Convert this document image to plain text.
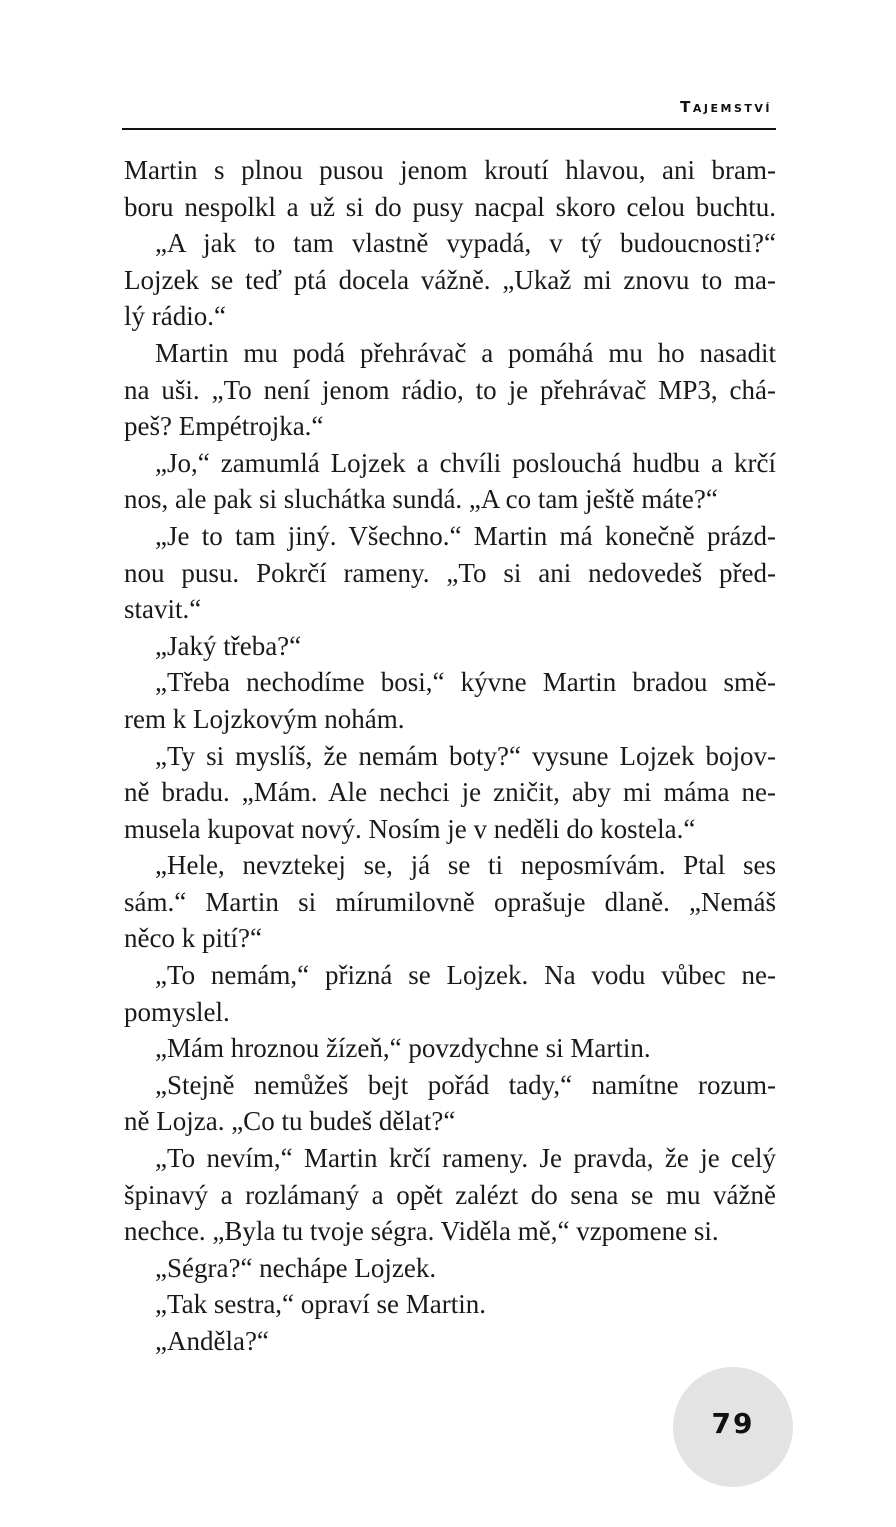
Tajemství
Martin s plnou pusou jenom kroutí hlavou, ani bram-
boru nespolkl a už si do pusy nacpal skoro celou buchtu.
„A jak to tam vlastně vypadá, v tý budoucnosti?“
Lojzek se teď ptá docela vážně. „Ukaž mi znovu to ma-
lý rádio.“
Martin mu podá přehrávač a pomáhá mu ho nasadit
na uši. „To není jenom rádio, to je přehrávač MP3, chá-
peš? Empétrojka.“
„Jo,“ zamumlá Lojzek a chvíli poslouchá hudbu a krčí
nos, ale pak si sluchátka sundá. „A co tam ještě máte?“
„Je to tam jiný. Všechno.“ Martin má konečně prázd-
nou pusu. Pokrčí rameny. „To si ani nedovedeš před-
stavit.“
„Jaký třeba?“
„Třeba nechodíme bosi,“ kývne Martin bradou smě-
rem k Lojzkovým nohám.
„Ty si myslíš, že nemám boty?“ vysune Lojzek bojov-
ně bradu. „Mám. Ale nechci je zničit, aby mi máma ne-
musela kupovat nový. Nosím je v neděli do kostela.“
„Hele, nevztekej se, já se ti neposmívám. Ptal ses
sám.“ Martin si mírumilovně oprašuje dlaně. „Nemáš
něco k pití?“
„To nemám,“ přizná se Lojzek. Na vodu vůbec ne-
pomyslel.
„Mám hroznou žízeň,“ povzdychne si Martin.
„Stejně nemůžeš bejt pořád tady,“ namítne rozum-
ně Lojza. „Co tu budeš dělat?“
„To nevím,“ Martin krčí rameny. Je pravda, že je celý
špinavý a rozlámaný a opět zalézt do sena se mu vážně
nechce. „Byla tu tvoje ségra. Viděla mě,“ vzpomene si.
„Ségra?“ nechápe Lojzek.
„Tak sestra,“ opraví se Martin.
„Anděla?“
79
